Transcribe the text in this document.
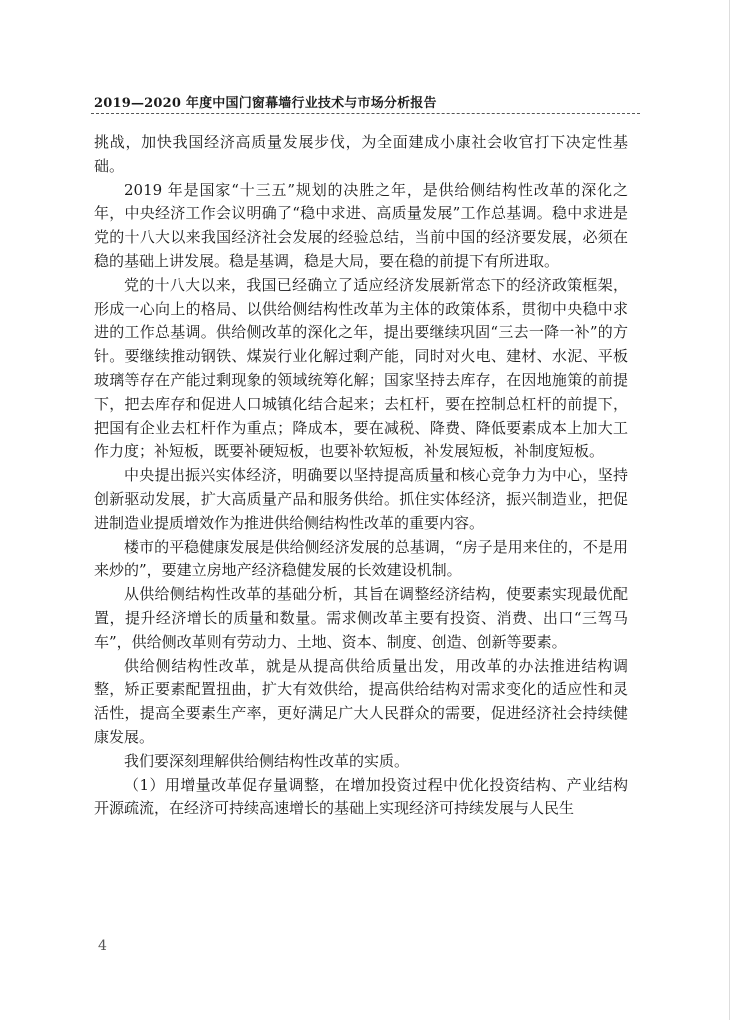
2019—2020 年度中国门窗幕墙行业技术与市场分析报告

挑战，加快我国经济高质量发展步伐，为全面建成小康社会收官打下决定性基础。

2019 年是国家“十三五”规划的决胜之年，是供给侧结构性改革的深化之年，中央经济工作会议明确了“稳中求进、高质量发展”工作总基调。稳中求进是党的十八大以来我国经济社会发展的经验总结，当前中国的经济要发展，必须在稳的基础上讲发展。稳是基调，稳是大局，要在稳的前提下有所进取。

党的十八大以来，我国已经确立了适应经济发展新常态下的经济政策框架，形成一心向上的格局、以供给侧结构性改革为主体的政策体系，贯彻中央稳中求进的工作总基调。供给侧改革的深化之年，提出要继续巩固“三去一降一补”的方针。要继续推动钢铁、煤炭行业化解过剩产能，同时对火电、建材、水泥、平板玻璃等存在产能过剩现象的领域统筹化解；国家坚持去库存，在因地施策的前提下，把去库存和促进人口城镇化结合起来；去杠杆，要在控制总杠杆的前提下，把国有企业去杠杆作为重点；降成本，要在减税、降费、降低要素成本上加大工作力度；补短板，既要补硬短板，也要补软短板，补发展短板，补制度短板。

中央提出振兴实体经济，明确要以坚持提高质量和核心竞争力为中心，坚持创新驱动发展，扩大高质量产品和服务供给。抓住实体经济，振兴制造业，把促进制造业提质增效作为推进供给侧结构性改革的重要内容。

楼市的平稳健康发展是供给侧经济发展的总基调，“房子是用来住的，不是用来炒的”，要建立房地产经济稳健发展的长效建设机制。

从供给侧结构性改革的基础分析，其旨在调整经济结构，使要素实现最优配置，提升经济增长的质量和数量。需求侧改革主要有投资、消费、出口“三驾马车”，供给侧改革则有劳动力、土地、资本、制度、创造、创新等要素。

供给侧结构性改革，就是从提高供给质量出发，用改革的办法推进结构调整，矫正要素配置扭曲，扩大有效供给，提高供给结构对需求变化的适应性和灵活性，提高全要素生产率，更好满足广大人民群众的需要，促进经济社会持续健康发展。

我们要深刻理解供给侧结构性改革的实质。

（1）用增量改革促存量调整，在增加投资过程中优化投资结构、产业结构开源疏流，在经济可持续高速增长的基础上实现经济可持续发展与人民生

4
